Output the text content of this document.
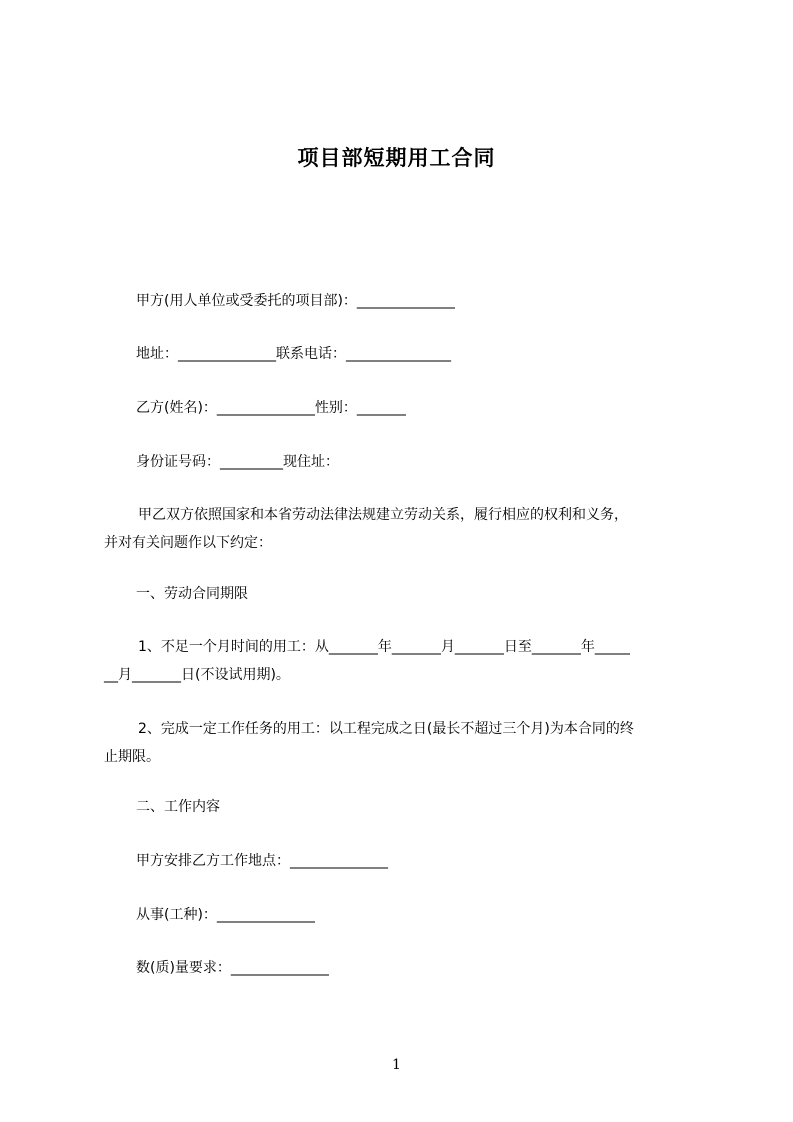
项目部短期用工合同
甲方(用人单位或受委托的项目部)：______________
地址：______________联系电话：_______________
乙方(姓名)：______________性别：_______
身份证号码：_________现住址：
甲乙双方依照国家和本省劳动法律法规建立劳动关系，履行相应的权利和义务，
并对有关问题作以下约定：
一、劳动合同期限
1、不足一个月时间的用工：从_______年_______月_______日至_______年_____
__月_______日(不设试用期)。
2、完成一定工作任务的用工：以工程完成之日(最长不超过三个月)为本合同的终
止期限。
二、工作内容
甲方安排乙方工作地点：______________
从事(工种)：______________
数(质)量要求：______________
1
